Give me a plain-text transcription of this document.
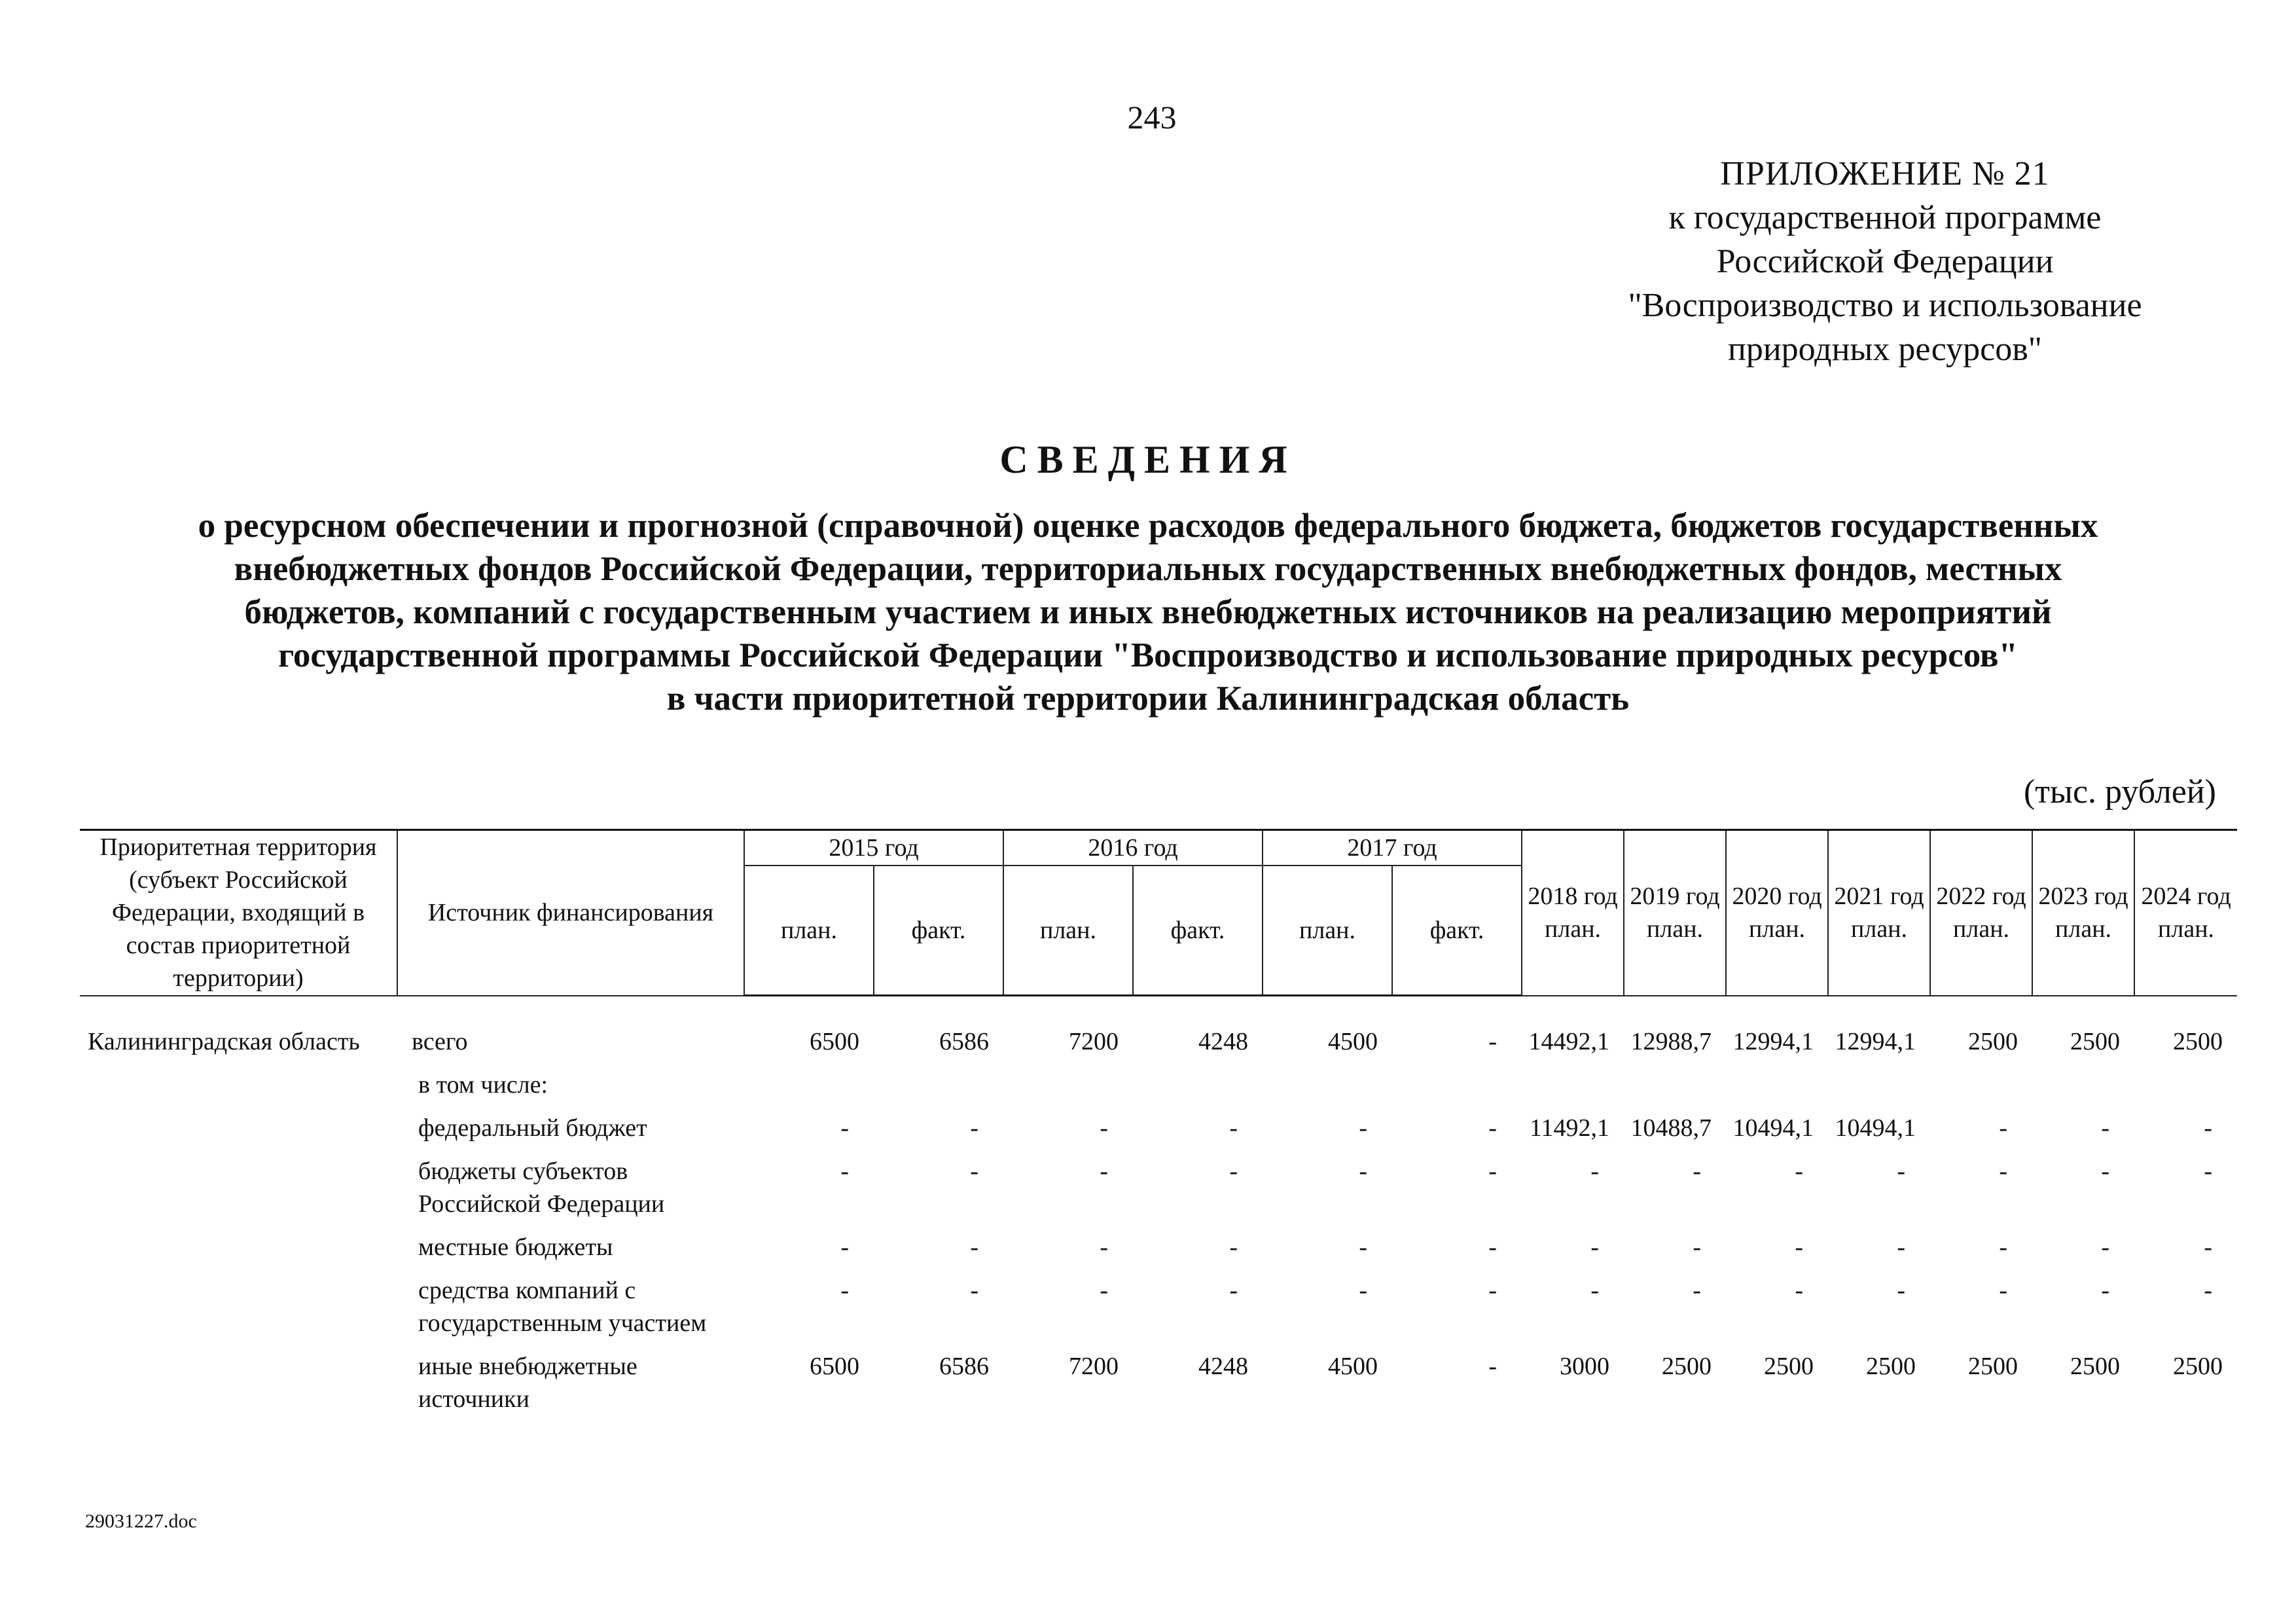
243
ПРИЛОЖЕНИЕ № 21
к государственной программе
Российской Федерации
"Воспроизводство и использование
природных ресурсов"
СВЕДЕНИЯ
о ресурсном обеспечении и прогнозной (справочной) оценке расходов федерального бюджета, бюджетов государственных
внебюджетных фондов Российской Федерации, территориальных государственных внебюджетных фондов, местных
бюджетов, компаний с государственным участием и иных внебюджетных источников на реализацию мероприятий
государственной программы Российской Федерации "Воспроизводство и использование природных ресурсов"
в части приоритетной территории Калининградская область
(тыс. рублей)
Приоритетная территория (субъект Российской Федерации, входящий в состав приоритетной территории)	Источник финансирования	2015 год		2016 год		2017 год		2018 год план.	2019 год план.	2020 год план.	2021 год план.	2022 год план.	2023 год план.	2024 год план.
		план.	факт.	план.	факт.	план.	факт.							
Калининградская область	всего	6500	6586	7200	4248	4500	-	14492,1	12988,7	12994,1	12994,1	2500	2500	2500
	в том числе:													
	федеральный бюджет	-	-	-	-	-	-	11492,1	10488,7	10494,1	10494,1	-	-	-
	бюджеты субъектов Российской Федерации	-	-	-	-	-	-	-	-	-	-	-	-	-
	местные бюджеты	-	-	-	-	-	-	-	-	-	-	-	-	-
	средства компаний с государственным участием	-	-	-	-	-	-	-	-	-	-	-	-	-
	иные внебюджетные источники	6500	6586	7200	4248	4500	-	3000	2500	2500	2500	2500	2500	2500
29031227.doc
